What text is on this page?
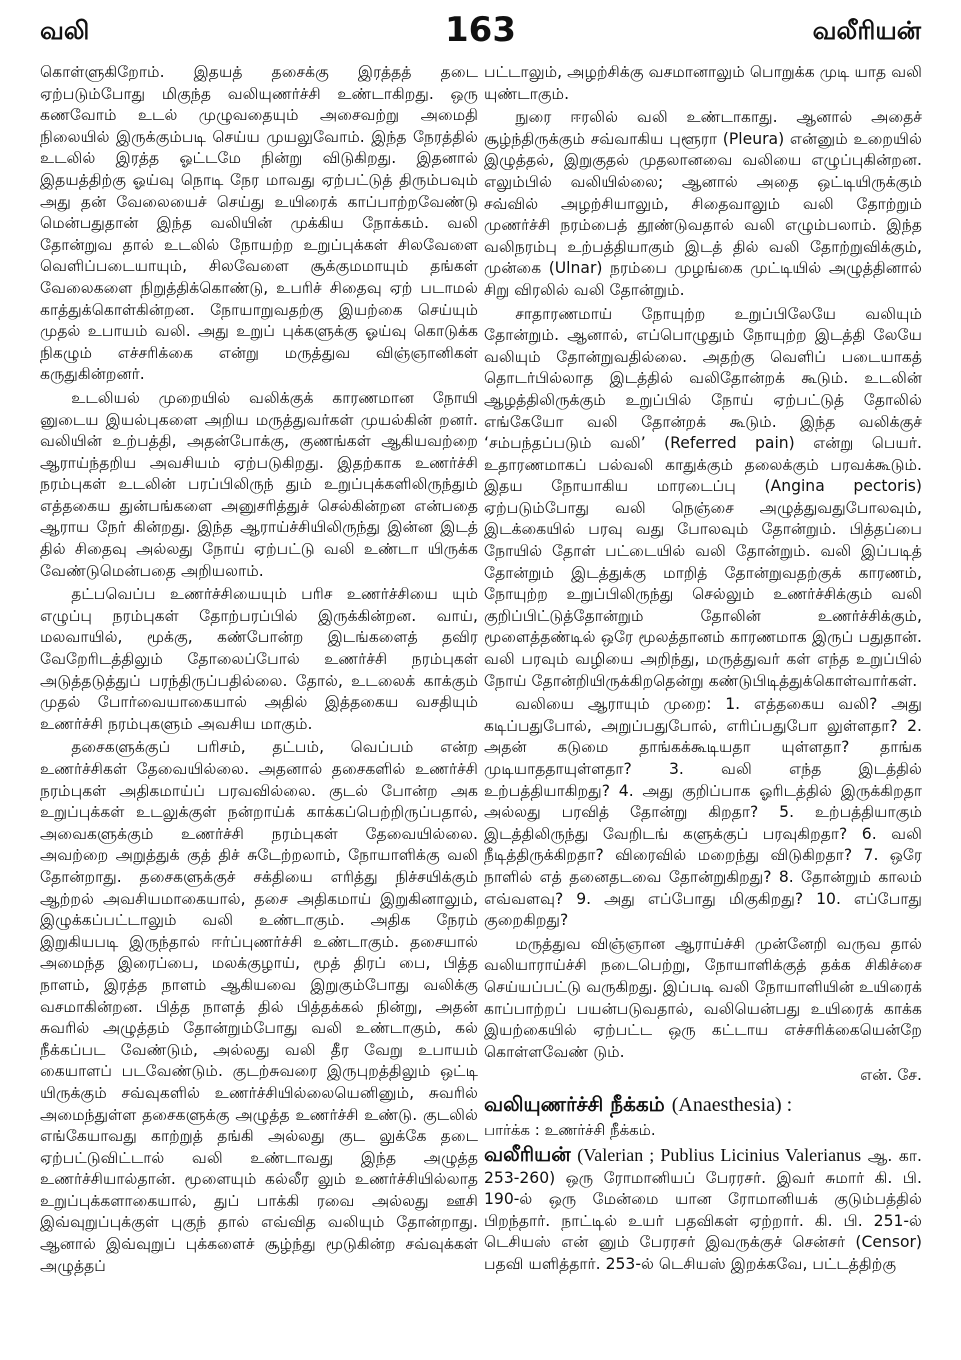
வலி	163	வலீரியன்

கொள்ளுகிறோம். இதயத் தசைக்கு இரத்தத் தடை ஏற்படும்போது மிகுந்த வலியுணர்ச்சி உண்டாகிறது. ஒரு கணவோம் உடல் முழுவதையும் அசைவற்று அமைதி நிலையில் இருக்கும்படி செய்ய முயலுவோம். இந்த நேரத்தில் உடலில் இரத்த ஓட்டமே நின்று விடுகிறது. இதனால் இதயத்திற்கு ஓய்வு நொடி நேர மாவது ஏற்பட்டுத் திரும்பவும் அது தன் வேலையைச் செய்து உயிரைக் காப்பாற்றவேண்டு மென்பதுதான் இந்த வலியின் முக்கிய நோக்கம். வலி தோன்றுவ தால் உடலில் நோயற்ற உறுப்புக்கள் சிலவேளை வெளிப்படையாயும், சிலவேளை சூக்குமமாயும் தங்கள் வேலைகளை நிறுத்திக்கொண்டு, உபரிச் சிதைவு ஏற் படாமல் காத்துக்கொள்கின்றன. நோயாறுவதற்கு இயற்கை செய்யும் முதல் உபாயம் வலி. அது உறுப் புக்களுக்கு ஓய்வு கொடுக்க நிகழும் எச்சரிக்கை என்று மருத்துவ விஞ்ஞானிகள் கருதுகின்றனர்.

உடலியல் முறையில் வலிக்குக் காரணமான நோயி னுடைய இயல்புகளை அறிய மருத்துவர்கள் முயல்கின் றனர். வலியின் உற்பத்தி, அதன்போக்கு, குணங்கள் ஆகியவற்றை ஆராய்ந்தறிய அவசியம் ஏற்படுகிறது. இதற்காக உணர்ச்சி நரம்புகள் உடலின் பரப்பிலிருந் தும் உறுப்புக்களிலிருந்தும் எத்தகைய துன்பங்களை அனுசரித்துச் செல்கின்றன என்பதை ஆராய நேர் கின்றது. இந்த ஆராய்ச்சியிலிருந்து இன்ன இடத் தில் சிதைவு அல்லது நோய் ஏற்பட்டு வலி உண்டா யிருக்க வேண்டுமென்பதை அறியலாம்.

தட்பவெப்ப உணர்ச்சியையும் பரிச உணர்ச்சியை யும் எழுப்பு நரம்புகள் தோற்பரப்பில் இருக்கின்றன. வாய், மலவாயில், மூக்கு, கண்போன்ற இடங்களைத் தவிர வேறேரிடத்திலும் தோலைப்போல் உணர்ச்சி நரம்புகள் அடுத்தடுத்துப் பரந்திருப்பதில்லை. தோல், உடலைக் காக்கும் முதல் போர்வையாகையால் அதில் இத்தகைய வசதியும் உணர்ச்சி நரம்புகளும் அவசிய மாகும்.

தசைகளுக்குப் பரிசம், தட்பம், வெப்பம் என்ற உணர்ச்சிகள் தேவையில்லை. அதனால் தசைகளில் உணர்ச்சி நரம்புகள் அதிகமாய்ப் பரவவில்லை. குடல் போன்ற அக உறுப்புக்கள் உடலுக்குள் நன்றாய்க் காக்கப்பெற்றிருப்பதால், அவைகளுக்கும் உணர்ச்சி நரம்புகள் தேவையில்லை. அவற்றை அறுத்துக் குத் திச் சுடேற்றலாம், நோயாளிக்கு வலி தோன்றாது. தசைகளுக்குச் சக்தியை எரித்து நிச்சயிக்கும் ஆற்றல் அவசியமாகையால், தசை அதிகமாய் இறுகினாலும், இழுக்கப்பட்டாலும் வலி உண்டாகும். அதிக நேரம் இறுகியபடி இருந்தால் ஈர்ப்புணர்ச்சி உண்டாகும். தசையால் அமைந்த இரைப்பை, மலக்குழாய், மூத் திரப் பை, பித்த நாளம், இரத்த நாளம் ஆகியவை இறுகும்போது வலிக்கு வசமாகின்றன. பித்த நாளத் தில் பித்தக்கல் நின்று, அதன் சுவரில் அழுத்தம் தோன்றும்போது வலி உண்டாகும், கல் நீக்கப்பட வேண்டும், அல்லது வலி தீர வேறு உபாயம் கையாளப் படவேண்டும். குடற்சுவரை இருபுறத்திலும் ஒட்டி யிருக்கும் சவ்வுகளில் உணர்ச்சியில்லையெனினும், சுவரில் அமைந்துள்ள தசைகளுக்கு அழுத்த உணர்ச்சி உண்டு. குடலில் எங்கேயாவது காற்றுத் தங்கி அல்லது குட லுக்கே தடை ஏற்பட்டுவிட்டால் வலி உண்டாவது இந்த அழுத்த உணர்ச்சியால்தான். மூளையும் கல்லீர லும் உணர்ச்சியில்லாத உறுப்புக்களாகையால், துப் பாக்கி ரவை அல்லது ஊசி இவ்வுறுப்புக்குள் புகுந் தால் எவ்வித வலியும் தோன்றாது. ஆனால் இவ்வுறுப் புக்களைச் சூழ்ந்து மூடுகின்ற சவ்வுக்கள் அழுத்தப்

பட்டாலும், அழற்சிக்கு வசமானாலும் பொறுக்க முடி யாத வலி யுண்டாகும்.

நுரை ஈரலில் வலி உண்டாகாது. ஆனால் அதைச் சூழ்ந்திருக்கும் சவ்வாகிய புளூரா (Pleura) என்னும் உறையில் இழுத்தல், இறுகுதல் முதலானவை வலியை எழுப்புகின்றன. எலும்பில் வலியில்லை; ஆனால் அதை ஒட்டியிருக்கும் சவ்வில் அழற்சியாலும், சிதைவாலும் வலி தோற்றும் முணர்ச்சி நரம்பைத் தூண்டுவதால் வலி எழும்பலாம். இந்த வலிநரம்பு உற்பத்தியாகும் இடத் தில் வலி தோற்றுவிக்கும், முன்கை (Ulnar) நரம்பை முழங்கை முட்டியில் அழுத்தினால் சிறு விரலில் வலி தோன்றும்.

சாதாரணமாய் நோயுற்ற உறுப்பிலேயே வலியும் தோன்றும். ஆனால், எப்பொழுதும் நோயுற்ற இடத்தி லேயே வலியும் தோன்றுவதில்லை. அதற்கு வெளிப் படையாகத் தொடர்பில்லாத இடத்தில் வலிதோன்றக் கூடும். உடலின் ஆழத்திலிருக்கும் உறுப்பில் நோய் ஏற்பட்டுத் தோலில் எங்கேயோ வலி தோன்றக் கூடும். இந்த வலிக்குச் ‘சம்பந்தப்படும் வலி’ (Referred pain) என்று பெயர். உதாரணமாகப் பல்வலி காதுக்கும் தலைக்கும் பரவக்கூடும். இதய நோயாகிய மாரடைப்பு (Angina pectoris) ஏற்படும்போது வலி நெஞ்சை அழுத்துவதுபோலவும், இடக்கையில் பரவு வது போலவும் தோன்றும். பித்தப்பை நோயில் தோள் பட்டையில் வலி தோன்றும். வலி இப்படித் தோன்றும் இடத்துக்கு மாறித் தோன்றுவதற்குக் காரணம், நோயுற்ற உறுப்பிலிருந்து செல்லும் உணர்ச்சிக்கும் வலி குறிப்பிட்டுத்தோன்றும் தோலின் உணர்ச்சிக்கும், மூளைத்தண்டில் ஒரே மூலத்தானம் காரணமாக இருப் பதுதான். வலி பரவும் வழியை அறிந்து, மருத்துவர் கள் எந்த உறுப்பில் நோய் தோன்றியிருக்கிறதென்று கண்டுபிடித்துக்கொள்வார்கள்.

வலியை ஆராயும் முறை: 1. எத்தகைய வலி? அது கடிப்பதுபோல், அறுப்பதுபோல், எரிப்பதுபோ லுள்ளதா? 2. அதன் கடுமை தாங்கக்கூடியதா யுள்ளதா? தாங்க முடியாததாயுள்ளதா? 3. வலி எந்த இடத்தில் உற்பத்தியாகிறது? 4. அது குறிப்பாக ஓரிடத்தில் இருக்கிறதா அல்லது பரவித் தோன்று கிறதா? 5. உற்பத்தியாகும் இடத்திலிருந்து வேறிடங் களுக்குப் பரவுகிறதா? 6. வலி நீடித்திருக்கிறதா? விரைவில் மறைந்து விடுகிறதா? 7. ஒரே நாளில் எத் தனைதடவை தோன்றுகிறது? 8. தோன்றும் காலம் எவ்வளவு? 9. அது எப்போது மிகுகிறது? 10. எப்போது குறைகிறது?

மருத்துவ விஞ்ஞான ஆராய்ச்சி முன்னேறி வருவ தால் வலியாராய்ச்சி நடைபெற்று, நோயாளிக்குத் தக்க சிகிச்சை செய்யப்பட்டு வருகிறது. இப்படி வலி நோயாளியின் உயிரைக் காப்பாற்றப் பயன்படுவதால், வலியென்பது உயிரைக் காக்க இயற்கையில் ஏற்பட்ட ஒரு கட்டாய எச்சரிக்கையென்றே கொள்ளவேண் டும்.

என். சே.

வலியுணர்ச்சி நீக்கம் (Anaesthesia) :
பார்க்க : உணர்ச்சி நீக்கம்.

வலீரியன் (Valerian ; Publius Licinius Valerianus ஆ. கா. 253-260) ஒரு ரோமானியப் பேரரசர். இவர் சுமார் கி. பி. 190-ல் ஒரு மேன்மை யான ரோமானியக் குடும்பத்தில் பிறந்தார். நாட்டில் உயர் பதவிகள் ஏற்றார். கி. பி. 251-ல் டெசியஸ் என் னும் பேரரசர் இவருக்குச் சென்சர் (Censor) பதவி யளித்தார். 253-ல் டெசியஸ் இறக்கவே, பட்டத்திற்கு
